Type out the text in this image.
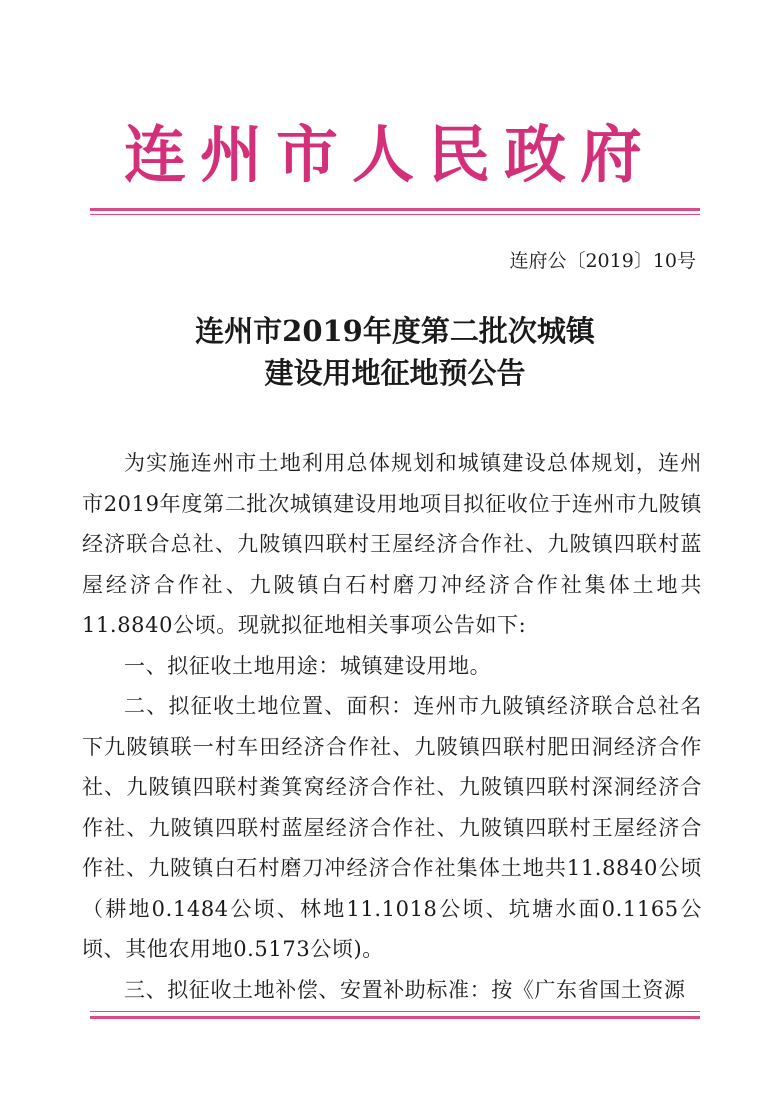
连州市人民政府
连府公〔2019〕10号
连州市2019年度第二批次城镇
建设用地征地预公告

为实施连州市土地利用总体规划和城镇建设总体规划，连州市2019年度第二批次城镇建设用地项目拟征收位于连州市九陂镇经济联合总社、九陂镇四联村王屋经济合作社、九陂镇四联村蓝屋经济合作社、九陂镇白石村磨刀冲经济合作社集体土地共11.8840公顷。现就拟征地相关事项公告如下:

一、拟征收土地用途：城镇建设用地。

二、拟征收土地位置、面积：连州市九陂镇经济联合总社名下九陂镇联一村车田经济合作社、九陂镇四联村肥田洞经济合作社、九陂镇四联村粪箕窝经济合作社、九陂镇四联村深洞经济合作社、九陂镇四联村蓝屋经济合作社、九陂镇四联村王屋经济合作社、九陂镇白石村磨刀冲经济合作社集体土地共11.8840公顷（耕地0.1484公顷、林地11.1018公顷、坑塘水面0.1165公顷、其他农用地0.5173公顷)。

三、拟征收土地补偿、安置补助标准：按《广东省国土资源
